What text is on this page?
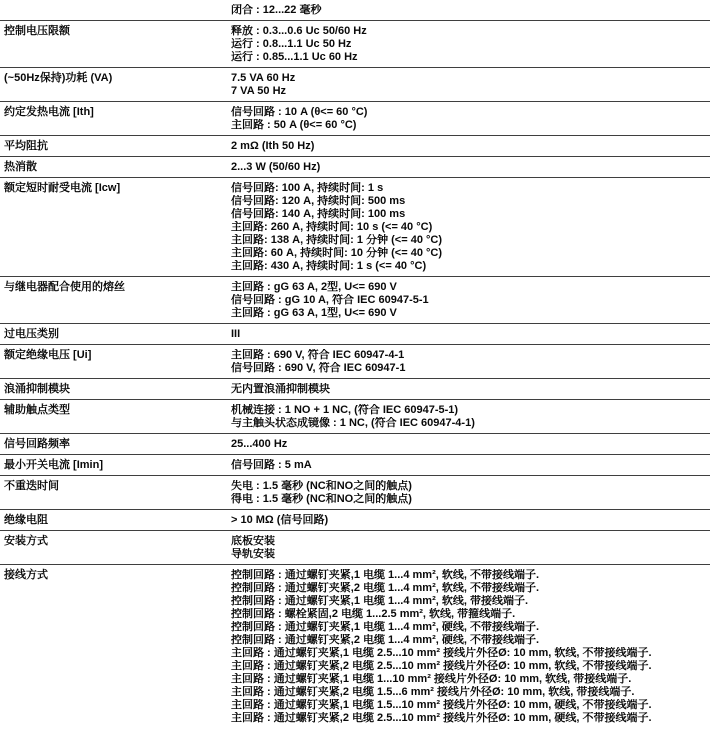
闭合 : 12...22 毫秒
控制电压限额	释放 : 0.3...0.6 Uc 50/60 Hz
运行 : 0.8...1.1 Uc 50 Hz
运行 : 0.85...1.1 Uc 60 Hz
(~50Hz保持)功耗 (VA)	7.5 VA 60 Hz
7 VA 50 Hz
约定发热电流 [Ith]	信号回路 : 10 A (θ<= 60 °C)
主回路 : 50 A (θ<= 60 °C)
平均阻抗	2 mΩ (Ith 50 Hz)
热消散	2...3 W (50/60 Hz)
额定短时耐受电流 [Icw]	信号回路: 100 A, 持续时间: 1 s
信号回路: 120 A, 持续时间: 500 ms
信号回路: 140 A, 持续时间: 100 ms
主回路: 260 A, 持续时间: 10 s (<= 40 °C)
主回路: 138 A, 持续时间: 1 分钟 (<= 40 °C)
主回路: 60 A, 持续时间: 10 分钟 (<= 40 °C)
主回路: 430 A, 持续时间: 1 s (<= 40 °C)
与继电器配合使用的熔丝	主回路 : gG 63 A, 2型, U<= 690 V
信号回路 : gG 10 A, 符合 IEC 60947-5-1
主回路 : gG 63 A, 1型, U<= 690 V
过电压类别	III
额定绝缘电压 [Ui]	主回路 : 690 V, 符合 IEC 60947-4-1
信号回路 : 690 V, 符合 IEC 60947-1
浪涌抑制模块	无内置浪涌抑制模块
辅助触点类型	机械连接 : 1 NO + 1 NC, (符合 IEC 60947-5-1)
与主触头状态成镜像 : 1 NC, (符合 IEC 60947-4-1)
信号回路频率	25...400 Hz
最小开关电流 [Imin]	信号回路 : 5 mA
不重迭时间	失电 : 1.5 毫秒 (NC和NO之间的触点)
得电 : 1.5 毫秒 (NC和NO之间的触点)
绝缘电阻	> 10 MΩ (信号回路)
安装方式	底板安装
导轨安装
接线方式	控制回路 : 通过螺钉夹紧,1 电缆 1...4 mm², 软线, 不带接线端子.
控制回路 : 通过螺钉夹紧,2 电缆 1...4 mm², 软线, 不带接线端子.
控制回路 : 通过螺钉夹紧,1 电缆 1...4 mm², 软线, 带接线端子.
控制回路 : 螺栓紧固,2 电缆 1...2.5 mm², 软线, 带箍线端子.
控制回路 : 通过螺钉夹紧,1 电缆 1...4 mm², 硬线, 不带接线端子.
控制回路 : 通过螺钉夹紧,2 电缆 1...4 mm², 硬线, 不带接线端子.
主回路 : 通过螺钉夹紧,1 电缆 2.5...10 mm² 接线片外径Ø: 10 mm, 软线, 不带接线端子.
主回路 : 通过螺钉夹紧,2 电缆 2.5...10 mm² 接线片外径Ø: 10 mm, 软线, 不带接线端子.
主回路 : 通过螺钉夹紧,1 电缆 1...10 mm² 接线片外径Ø: 10 mm, 软线, 带接线端子.
主回路 : 通过螺钉夹紧,2 电缆 1.5...6 mm² 接线片外径Ø: 10 mm, 软线, 带接线端子.
主回路 : 通过螺钉夹紧,1 电缆 1.5...10 mm² 接线片外径Ø: 10 mm, 硬线, 不带接线端子.
主回路 : 通过螺钉夹紧,2 电缆 2.5...10 mm² 接线片外径Ø: 10 mm, 硬线, 不带接线端子.
